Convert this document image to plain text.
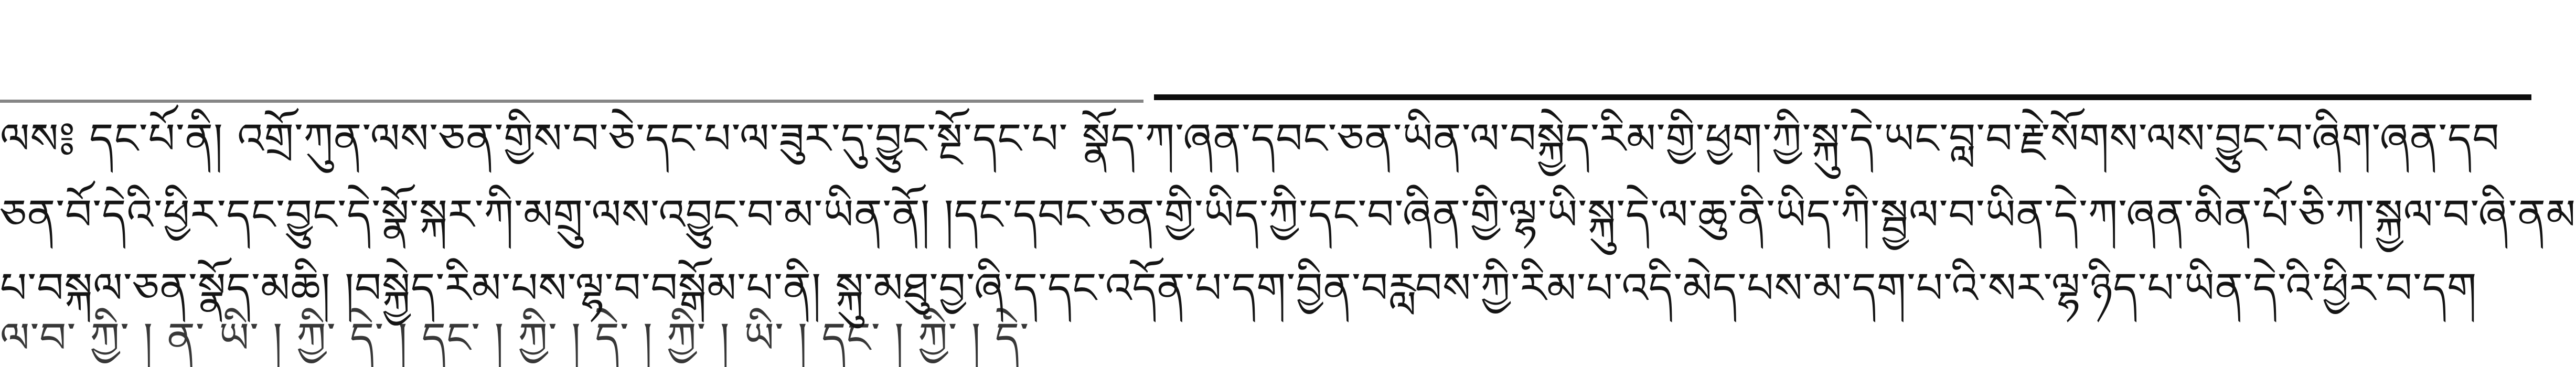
ལས༔ དང་པོ་ནི། འགྲོ་ཀུན་ལས་ཅན་གྱིས་བ་ཅེ་དང་པ་ལ་ཟུར་དུ་བྱུང་སྔོ་དང་པ་ སྣོད་ཀ་ཞན་དབང་ཅན་ཡིན་ལ་བསྐྱེད་རིམ་གྱི་ཕྱག་ཀྱི་སྐུ་དེ་ཡང་བླ་བ་རྗེ་སོགས་ལས་བྱུང་བ་ཞིག་ཞན་དབ
ཅན་བོ་དེའི་ཕྱིར་དང་བྱུང་དེ་སྣོ་སྐར་ཀི་མགྲུ་ལས་འབྱུང་བ་མ་ཡིན་ནོ། །དང་དབང་ཅན་གྱི་ཡིད་ཀྱི་དང་བ་ཞིན་གྱི་ལྷ་ཡི་སྐུ་དེ་ལ་ཆུ་ནི་ཡིད་ཀི་སྦྱལ་བ་ཡིན་དེ་ཀ་ཞན་མིན་པོ་ཅི་ཀ་སྐྱལ་བ་ཞི་ནམ
པ་བསྐལ་ཅན་སྣོད་མཆི། །བསྐྱེད་རིམ་པས་ལྷ་བ་བསྒོམ་པ་ནི། སྐུ་མཐུ་བྱ་ཞི་ད་དང་འདོན་པ་དག་བྱིན་བརླབས་ཀྱི་རིམ་པ་འདི་མེད་པས་མ་དག་པ་འི་སར་ལྷ་ཉིད་པ་ཡིན་དེ་འི་ཕྱིར་བ་དག
ལ་བ་ ཀྱི་ ། ན་ ཡི་ ། ཀྱི་ དེ་ ། དང་ ། ཀྱི་ ། དེ་ ། ཀྱི་ ། ཡི་ ། དང་ ། ཀྱི་ ། དེ་
